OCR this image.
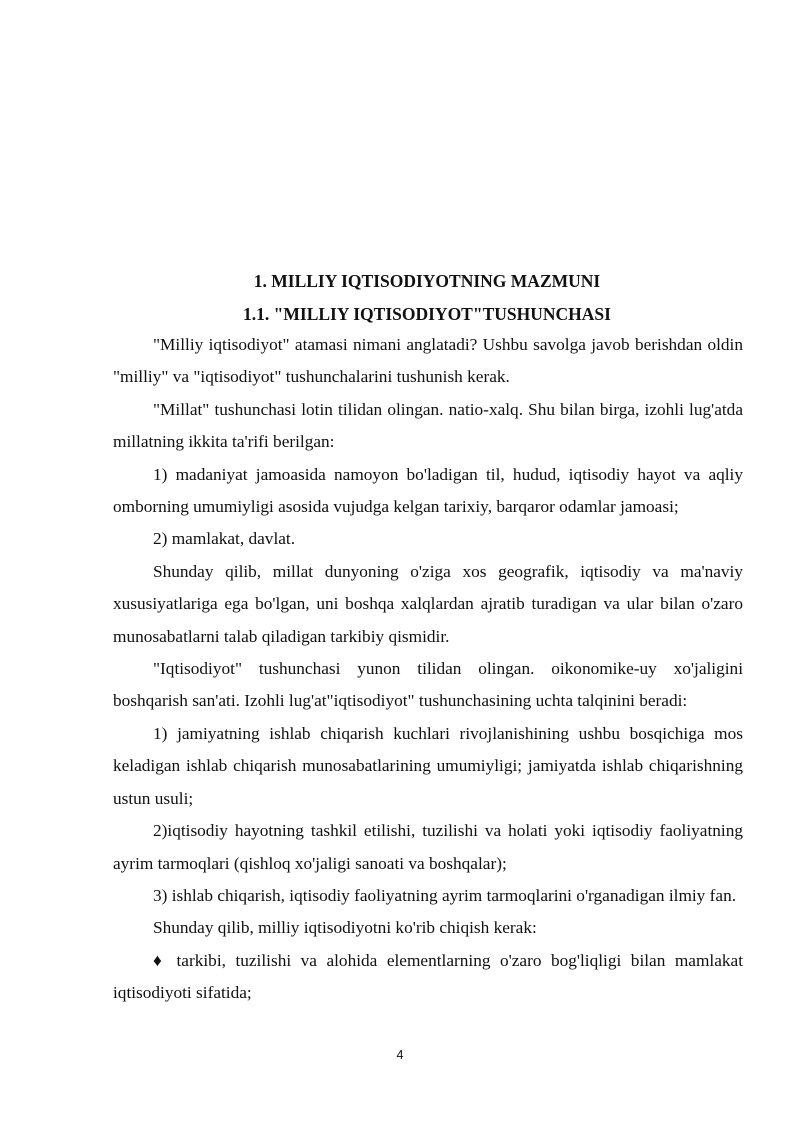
1. MILLIY IQTISODIYOTNING MAZMUNI
1.1. "MILLIY IQTISODIYOT"TUSHUNCHASI

"Milliy iqtisodiyot" atamasi nimani anglatadi? Ushbu savolga javob berishdan oldin "milliy" va "iqtisodiyot" tushunchalarini tushunish kerak.

"Millat" tushunchasi lotin tilidan olingan. natio-xalq. Shu bilan birga, izohli lug'atda millatning ikkita ta'rifi berilgan:

1) madaniyat jamoasida namoyon bo'ladigan til, hudud, iqtisodiy hayot va aqliy omborning umumiyligi asosida vujudga kelgan tarixiy, barqaror odamlar jamoasi;

2) mamlakat, davlat.

Shunday qilib, millat dunyoning o'ziga xos geografik, iqtisodiy va ma'naviy xususiyatlariga ega bo'lgan, uni boshqa xalqlardan ajratib turadigan va ular bilan o'zaro munosabatlarni talab qiladigan tarkibiy qismidir.

"Iqtisodiyot" tushunchasi yunon tilidan olingan. oikonomike-uy xo'jaligini boshqarish san'ati. Izohli lug'at"iqtisodiyot" tushunchasining uchta talqinini beradi:

1) jamiyatning ishlab chiqarish kuchlari rivojlanishining ushbu bosqichiga mos keladigan ishlab chiqarish munosabatlarining umumiyligi; jamiyatda ishlab chiqarishning ustun usuli;

2)iqtisodiy hayotning tashkil etilishi, tuzilishi va holati yoki iqtisodiy faoliyatning ayrim tarmoqlari (qishloq xo'jaligi sanoati va boshqalar);

3) ishlab chiqarish, iqtisodiy faoliyatning ayrim tarmoqlarini o'rganadigan ilmiy fan.

Shunday qilib, milliy iqtisodiyotni ko'rib chiqish kerak:

♦ tarkibi, tuzilishi va alohida elementlarning o'zaro bog'liqligi bilan mamlakat iqtisodiyoti sifatida;

4
